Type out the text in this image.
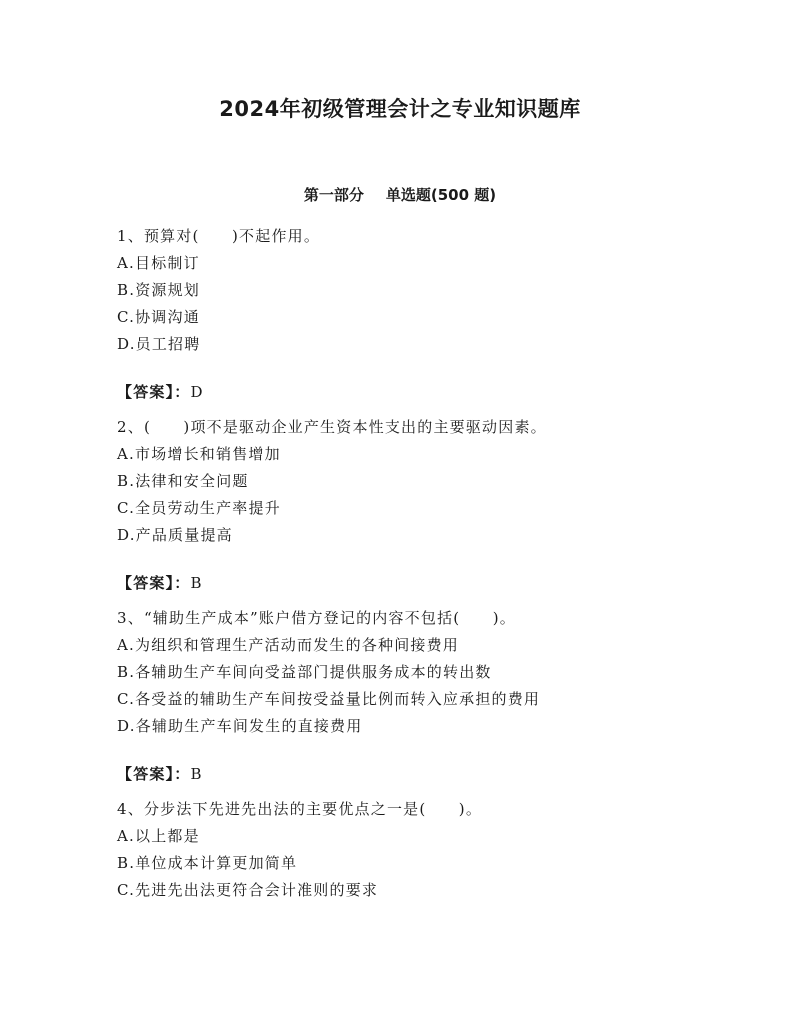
2024年初级管理会计之专业知识题库
第一部分 单选题(500 题)
1、预算对(　　)不起作用。
A.目标制订
B.资源规划
C.协调沟通
D.员工招聘
【答案】：D
2、(　　)项不是驱动企业产生资本性支出的主要驱动因素。
A.市场增长和销售增加
B.法律和安全问题
C.全员劳动生产率提升
D.产品质量提高
【答案】：B
3、“辅助生产成本”账户借方登记的内容不包括(　　)。
A.为组织和管理生产活动而发生的各种间接费用
B.各辅助生产车间向受益部门提供服务成本的转出数
C.各受益的辅助生产车间按受益量比例而转入应承担的费用
D.各辅助生产车间发生的直接费用
【答案】：B
4、分步法下先进先出法的主要优点之一是(　　)。
A.以上都是
B.单位成本计算更加简单
C.先进先出法更符合会计准则的要求
